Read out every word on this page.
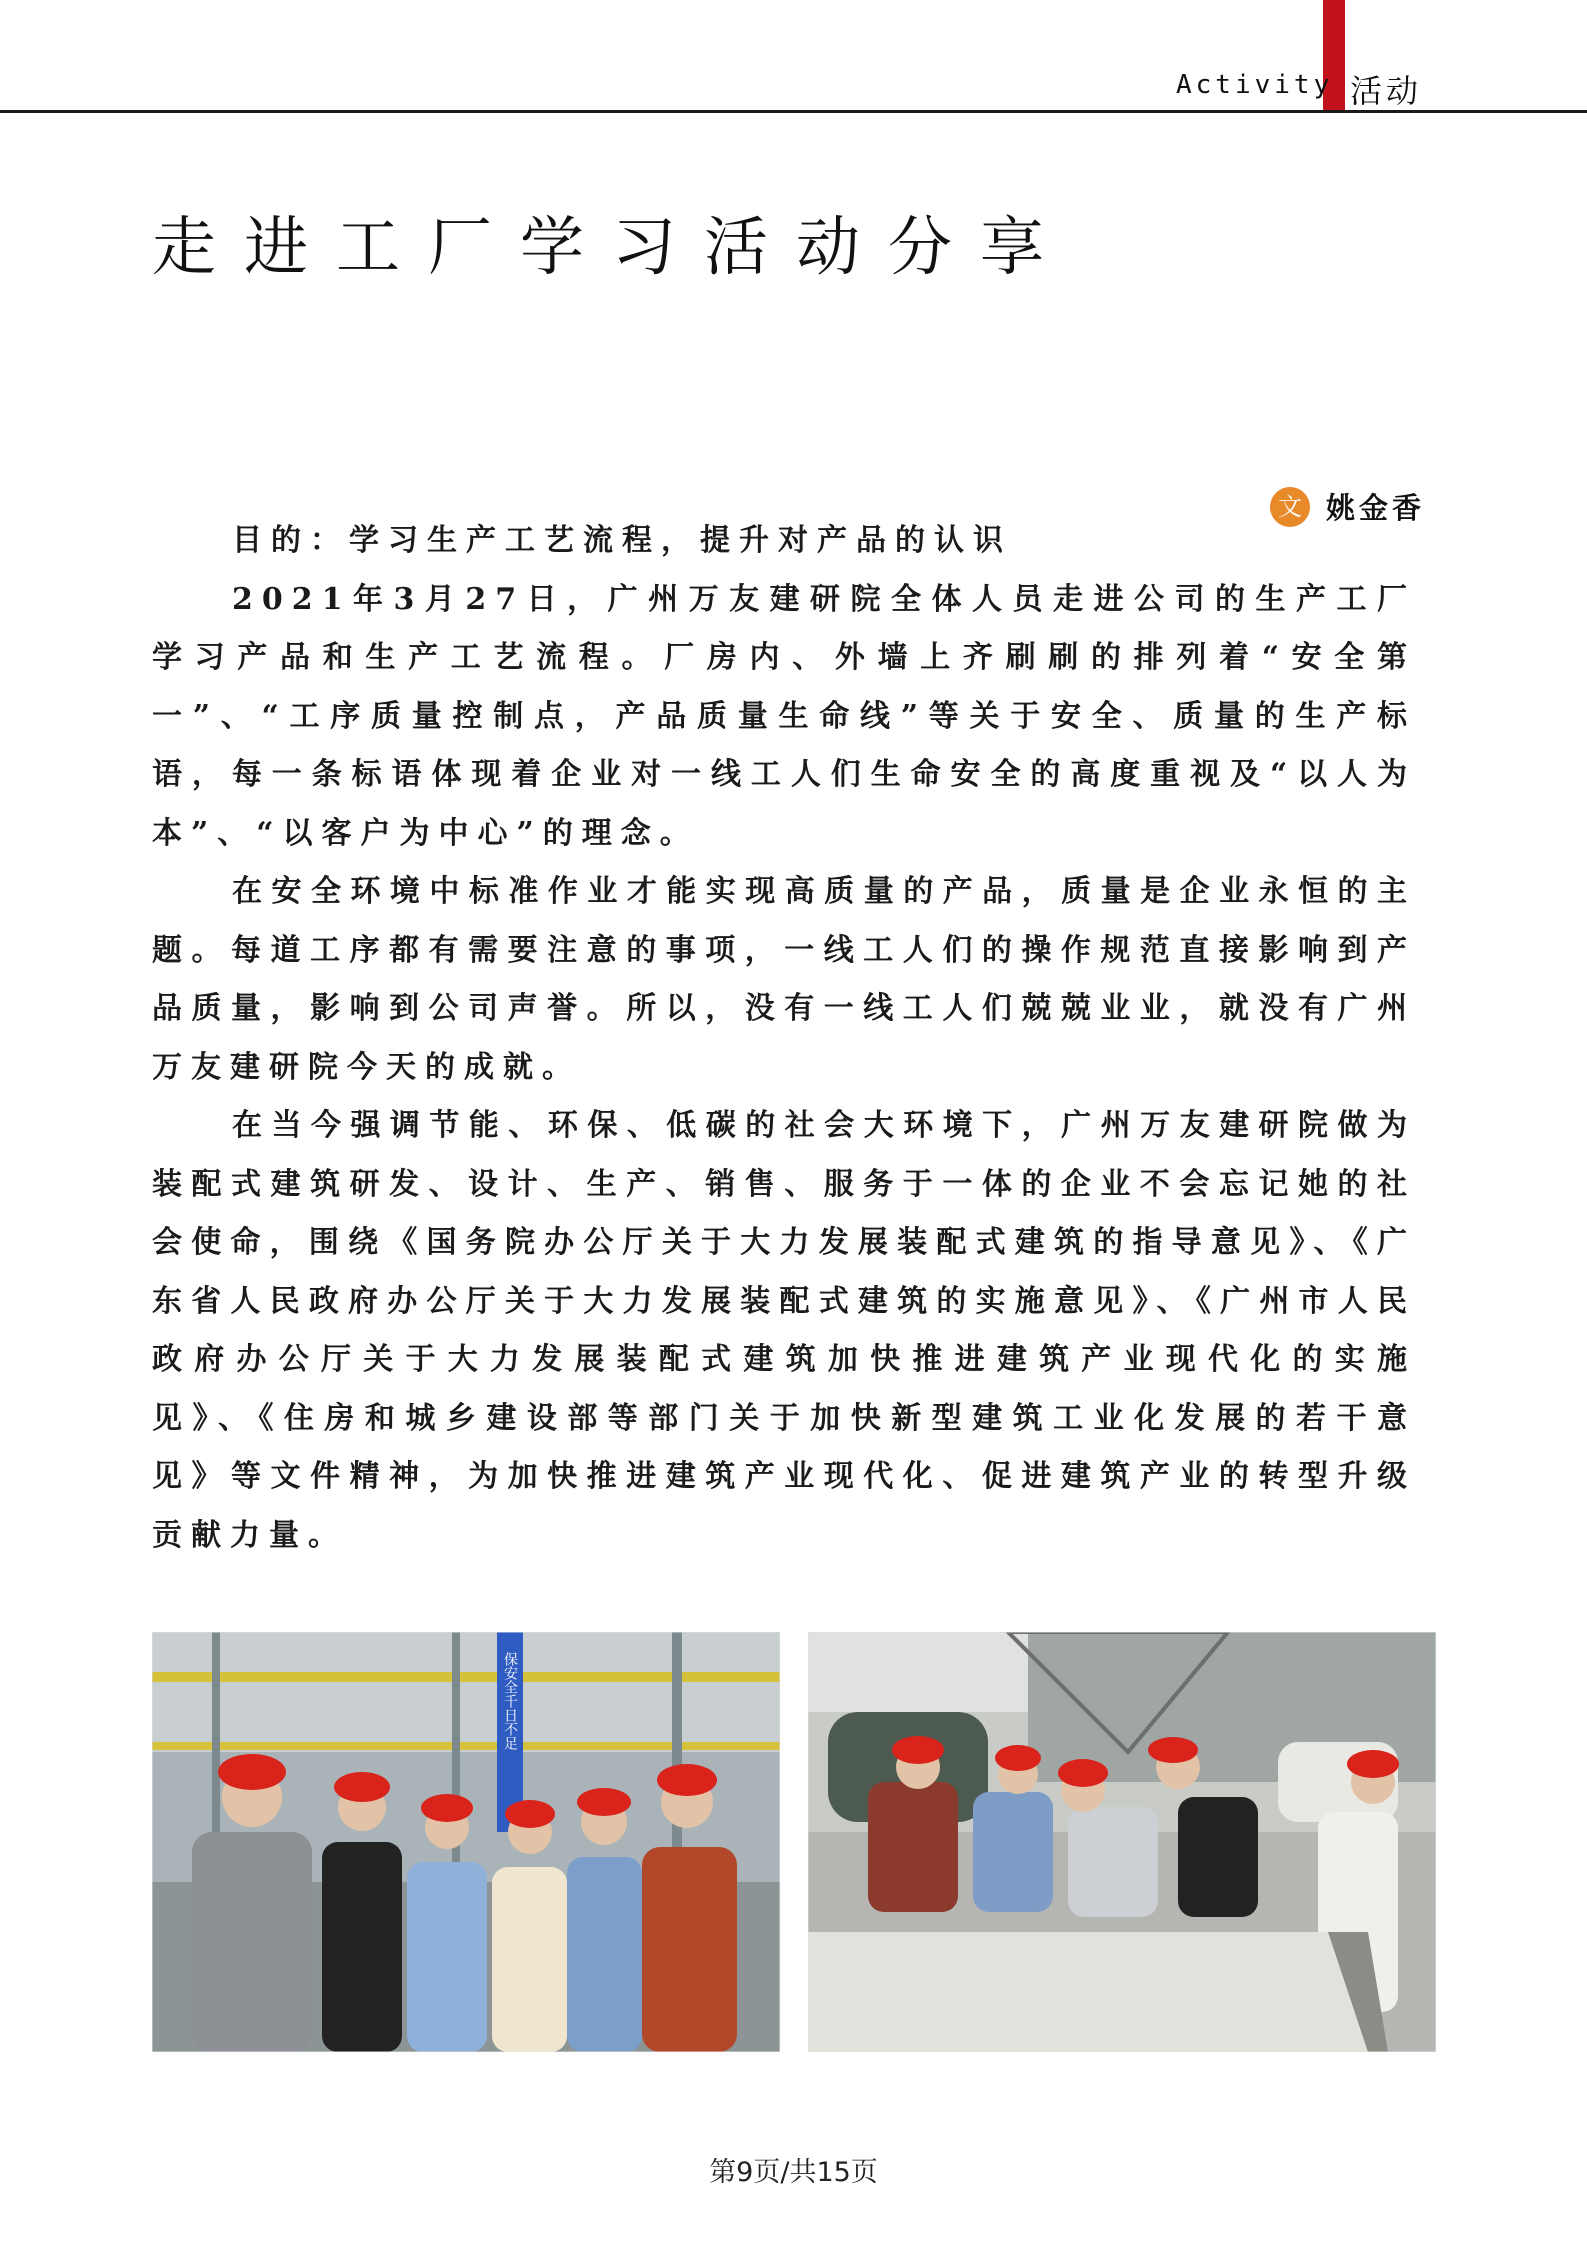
Activity 活动
走进工厂学习活动分享
文 姚金香

目的：学习生产工艺流程，提升对产品的认识

2021年3月27日，广州万友建研院全体人员走进公司的生产工厂学习产品和生产工艺流程。厂房内、外墙上齐刷刷的排列着“安全第一”、“工序质量控制点，产品质量生命线”等关于安全、质量的生产标语，每一条标语体现着企业对一线工人们生命安全的高度重视及“以人为本”、“以客户为中心”的理念。

在安全环境中标准作业才能实现高质量的产品，质量是企业永恒的主题。每道工序都有需要注意的事项，一线工人们的操作规范直接影响到产品质量，影响到公司声誉。所以，没有一线工人们兢兢业业，就没有广州万友建研院今天的成就。

在当今强调节能、环保、低碳的社会大环境下，广州万友建研院做为装配式建筑研发、设计、生产、销售、服务于一体的企业不会忘记她的社会使命，围绕《国务院办公厅关于大力发展装配式建筑的指导意见》、《广东省人民政府办公厅关于大力发展装配式建筑的实施意见》、《广州市人民政府办公厅关于大力发展装配式建筑加快推进建筑产业现代化的实施见》、《住房和城乡建设部等部门关于加快新型建筑工业化发展的若干意见》等文件精神，为加快推进建筑产业现代化、促进建筑产业的转型升级贡献力量。

保安全千日不足
第9页/共15页
